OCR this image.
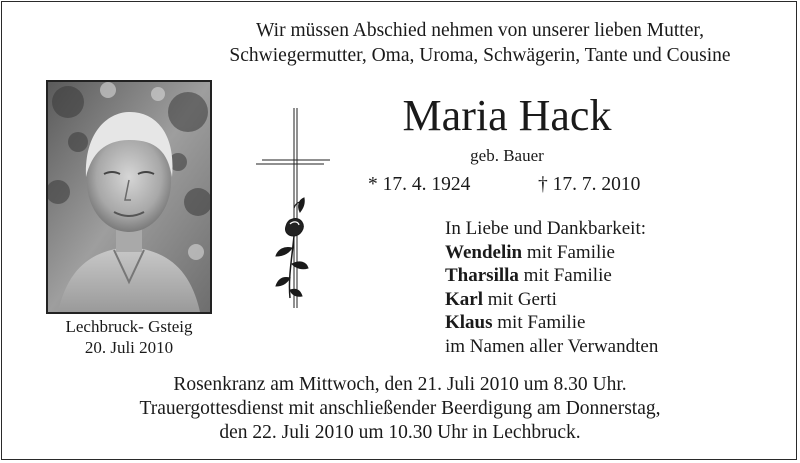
Wir müssen Abschied nehmen von unserer lieben Mutter,
Schwiegermutter, Oma, Uroma, Schwägerin, Tante und Cousine
Lechbruck- Gsteig
20. Juli 2010
Maria Hack
geb. Bauer
* 17. 4. 1924	† 17. 7. 2010
In Liebe und Dankbarkeit:
Wendelin mit Familie
Tharsilla mit Familie
Karl mit Gerti
Klaus mit Familie
im Namen aller Verwandten
Rosenkranz am Mittwoch, den 21. Juli 2010 um 8.30 Uhr.
Trauergottesdienst mit anschließender Beerdigung am Donnerstag,
den 22. Juli 2010 um 10.30 Uhr in Lechbruck.
